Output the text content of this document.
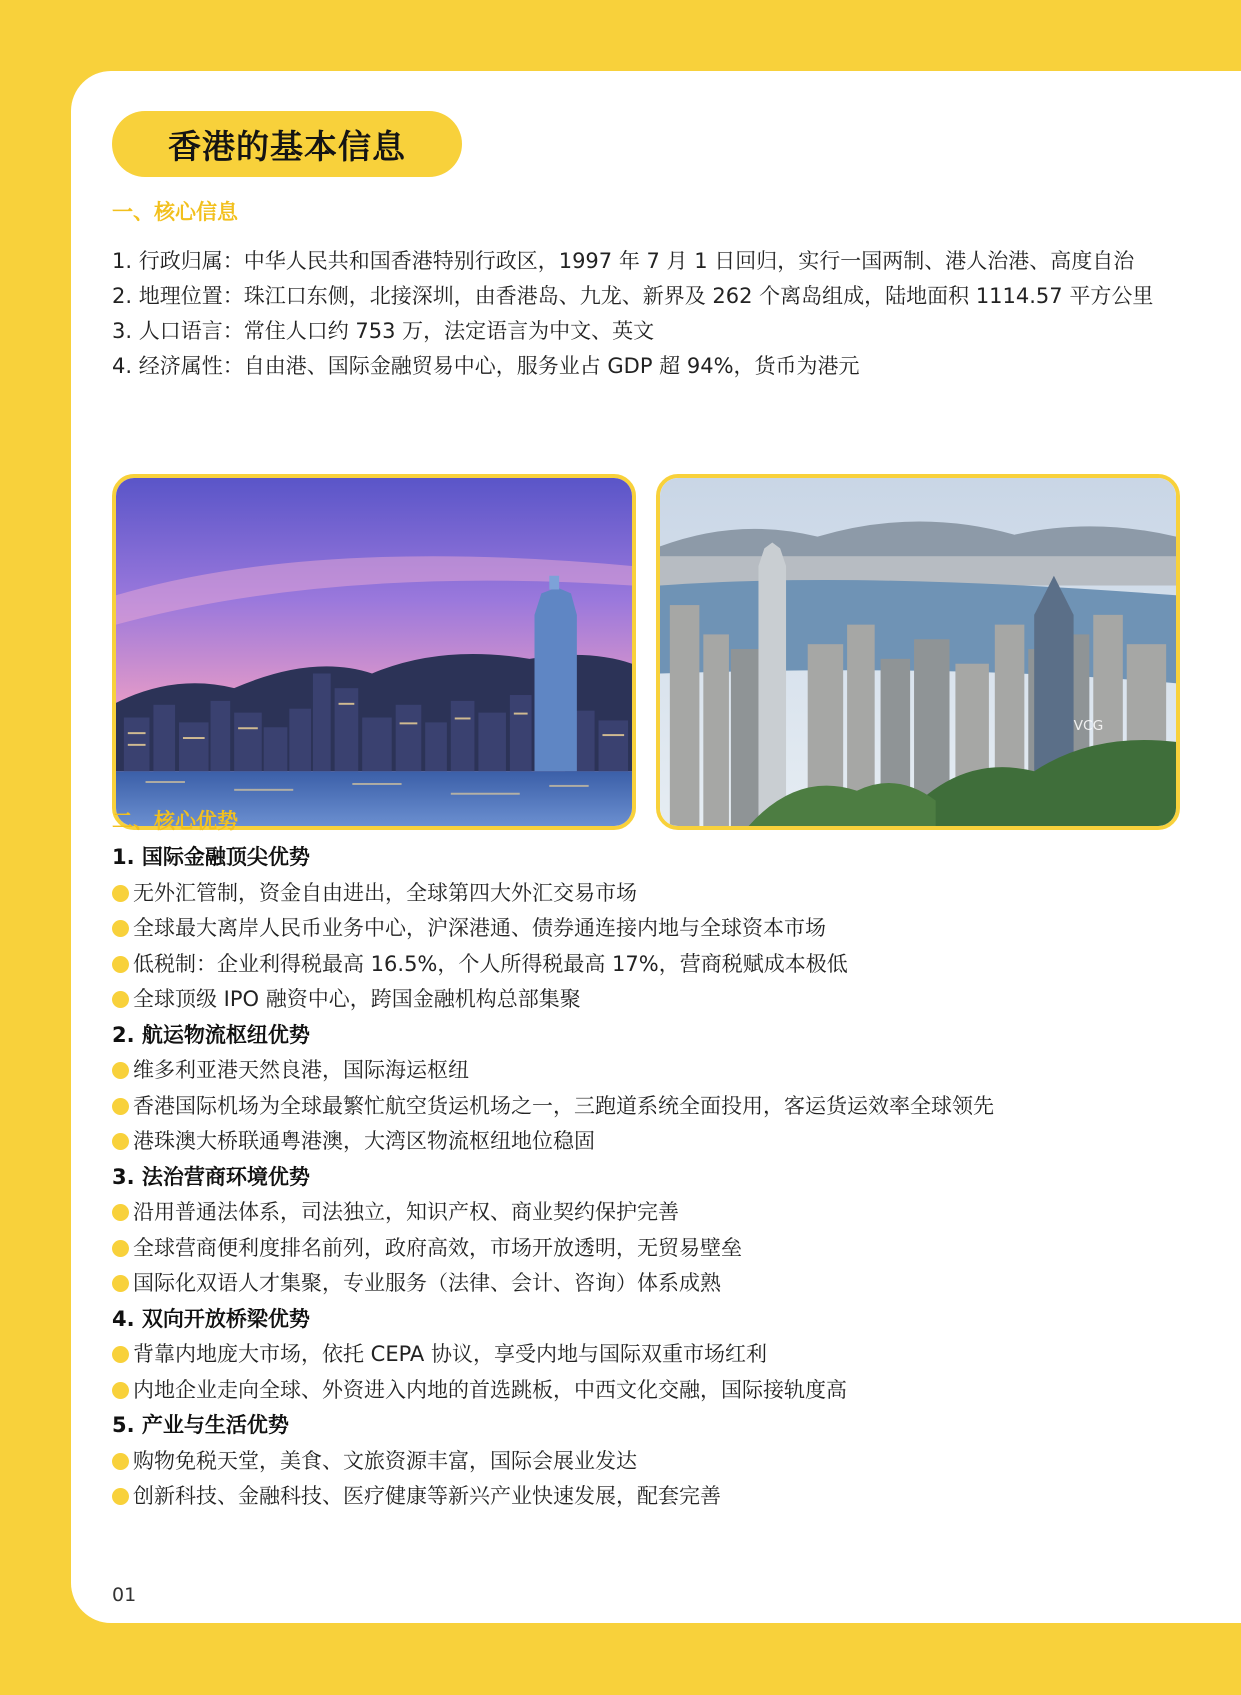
香港的基本信息
一、核心信息

1. 行政归属：中华人民共和国香港特别行政区，1997 年 7 月 1 日回归，实行一国两制、港人治港、高度自治

2. 地理位置：珠江口东侧，北接深圳，由香港岛、九龙、新界及 262 个离岛组成，陆地面积 1114.57 平方公里

3. 人口语言：常住人口约 753 万，法定语言为中文、英文

4. 经济属性：自由港、国际金融贸易中心，服务业占 GDP 超 94%，货币为港元

VCG
二、核心优势
1. 国际金融顶尖优势
无外汇管制，资金自由进出，全球第四大外汇交易市场
全球最大离岸人民币业务中心，沪深港通、债券通连接内地与全球资本市场
低税制：企业利得税最高 16.5%，个人所得税最高 17%，营商税赋成本极低
全球顶级 IPO 融资中心，跨国金融机构总部集聚
2. 航运物流枢纽优势
维多利亚港天然良港，国际海运枢纽
香港国际机场为全球最繁忙航空货运机场之一，三跑道系统全面投用，客运货运效率全球领先
港珠澳大桥联通粤港澳，大湾区物流枢纽地位稳固
3. 法治营商环境优势
沿用普通法体系，司法独立，知识产权、商业契约保护完善
全球营商便利度排名前列，政府高效，市场开放透明，无贸易壁垒
国际化双语人才集聚，专业服务（法律、会计、咨询）体系成熟
4. 双向开放桥梁优势
背靠内地庞大市场，依托 CEPA 协议，享受内地与国际双重市场红利
内地企业走向全球、外资进入内地的首选跳板，中西文化交融，国际接轨度高
5. 产业与生活优势
购物免税天堂，美食、文旅资源丰富，国际会展业发达
创新科技、金融科技、医疗健康等新兴产业快速发展，配套完善
01
